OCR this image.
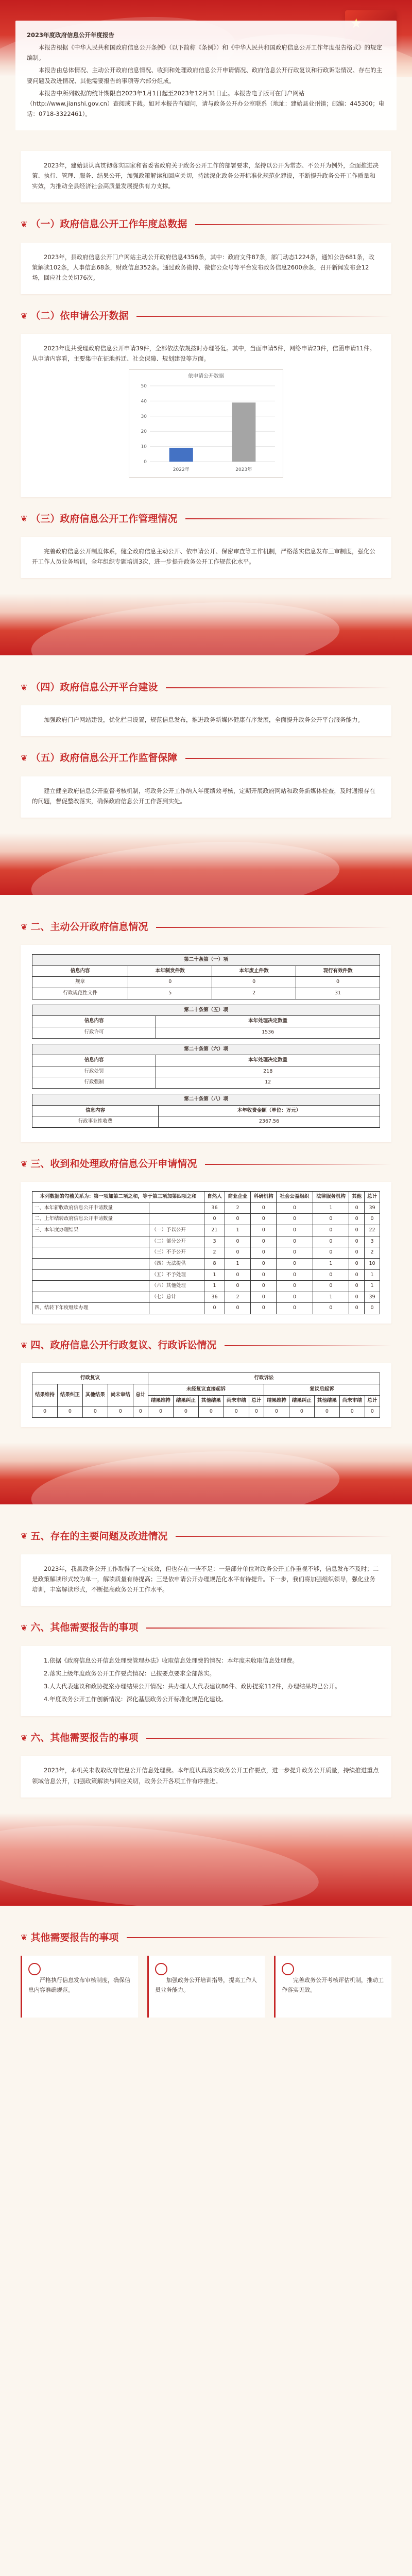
★

2023年度政府信息公开年度报告

本报告根据《中华人民共和国政府信息公开条例》（以下简称《条例》）和《中华人民共和国政府信息公开工作年度报告格式》的规定编制。

本报告由总体情况、主动公开政府信息情况、收到和处理政府信息公开申请情况、政府信息公开行政复议和行政诉讼情况、存在的主要问题及改进情况、其他需要报告的事项等六部分组成。

本报告中所列数据的统计期限自2023年1月1日起至2023年12月31日止。本报告电子版可在门户网站（http://www.jianshi.gov.cn）查阅或下载。如对本报告有疑问，请与政务公开办公室联系（地址：建始县业州镇；邮编：445300；电话：0718-3322461）。

2023年，建始县认真贯彻落实国家和省委省政府关于政务公开工作的部署要求，坚持以公开为常态、不公开为例外，全面推进决策、执行、管理、服务、结果公开，加强政策解读和回应关切，持续深化政务公开标准化规范化建设，不断提升政务公开工作质量和实效，为推动全县经济社会高质量发展提供有力支撑。

❦ （一）政府信息公开工作年度总数据

2023年，县政府信息公开门户网站主动公开政府信息4356条，其中：政府文件87条，部门动态1224条，通知公告681条，政策解读102条，人事信息68条，财政信息352条。通过政务微博、微信公众号等平台发布政务信息2600余条，召开新闻发布会12场，回应社会关切76次。

❦ （二）依申请公开数据

2023年度共受理政府信息公开申请39件，全部依法依规按时办理答复。其中，当面申请5件，网络申请23件，信函申请11件。从申请内容看，主要集中在征地拆迁、社会保障、规划建设等方面。

依申请公开数据
0
10
20
30
40
50
2022年	2023年
❦ （三）政府信息公开工作管理情况

完善政府信息公开制度体系，健全政府信息主动公开、依申请公开、保密审查等工作机制，严格落实信息发布三审制度，强化公开工作人员业务培训，全年组织专题培训3次，进一步提升政务公开工作规范化水平。

❦ （四）政府信息公开平台建设

加强政府门户网站建设，优化栏目设置，规范信息发布，推进政务新媒体健康有序发展，全面提升政务公开平台服务能力。

❦ （五）政府信息公开工作监督保障

建立健全政府信息公开监督考核机制，将政务公开工作纳入年度绩效考核，定期开展政府网站和政务新媒体检查，及时通报存在的问题，督促整改落实，确保政府信息公开工作落到实处。

❦ 二、主动公开政府信息情况
第二十条第（一）项			
信息内容	本年制发件数	本年废止件数	现行有效件数
规章	0	0	0
行政规范性文件	5	2	31
第二十条第（五）项	
信息内容	本年处理决定数量
行政许可	1536
第二十条第（六）项	
信息内容	本年处理决定数量
行政处罚	218
行政强制	12
第二十条第（八）项	
信息内容	本年收费金额（单位：万元）
行政事业性收费	2367.56
❦ 三、收到和处理政府信息公开申请情况
本列数据的勾稽关系为：第一项加第二项之和，等于第三项加第四项之和		自然人	商业企业	科研机构	社会公益组织	法律服务机构	其他	总计
一、本年新收政府信息公开申请数量		36	2	0	0	1	0	39
二、上年结转政府信息公开申请数量		0	0	0	0	0	0	0
三、本年度办理结果	（一）予以公开	21	1	0	0	0	0	22
	（二）部分公开	3	0	0	0	0	0	3
	（三）不予公开	2	0	0	0	0	0	2
	（四）无法提供	8	1	0	0	1	0	10
	（五）不予处理	1	0	0	0	0	0	1
	（六）其他处理	1	0	0	0	0	0	1
	（七）总计	36	2	0	0	1	0	39
四、结转下年度继续办理		0	0	0	0	0	0	0
❦ 四、政府信息公开行政复议、行政诉讼情况
行政复议					行政诉讼									
结果维持	结果纠正	其他结果	尚未审结	总计	未经复议直接起诉					复议后起诉				
					结果维持	结果纠正	其他结果	尚未审结	总计	结果维持	结果纠正	其他结果	尚未审结	总计
0	0	0	0	0	0	0	0	0	0	0	0	0	0	0
❦ 五、存在的主要问题及改进情况

2023年，我县政务公开工作取得了一定成效，但也存在一些不足：一是部分单位对政务公开工作重视不够，信息发布不及时；二是政策解读形式较为单一，解读质量有待提高；三是依申请公开办理规范化水平有待提升。下一步，我们将加强组织领导，强化业务培训，丰富解读形式，不断提高政务公开工作水平。

❦ 六、其他需要报告的事项

1.依据《政府信息公开信息处理费管理办法》收取信息处理费的情况：本年度未收取信息处理费。

2.落实上级年度政务公开工作要点情况：已按要点要求全部落实。

3.人大代表建议和政协提案办理结果公开情况：共办理人大代表建议86件、政协提案112件，办理结果均已公开。

4.年度政务公开工作创新情况：深化基层政务公开标准化规范化建设。

❦ 六、其他需要报告的事项

2023年，本机关未收取政府信息公开信息处理费。本年度认真落实政务公开工作要点，进一步提升政务公开质量，持续推进重点领域信息公开，加强政策解读与回应关切，政务公开各项工作有序推进。

❦ 其他需要报告的事项

严格执行信息发布审核制度，确保信息内容准确规范。

加强政务公开培训指导，提高工作人员业务能力。

完善政务公开考核评估机制，推动工作落实见效。
